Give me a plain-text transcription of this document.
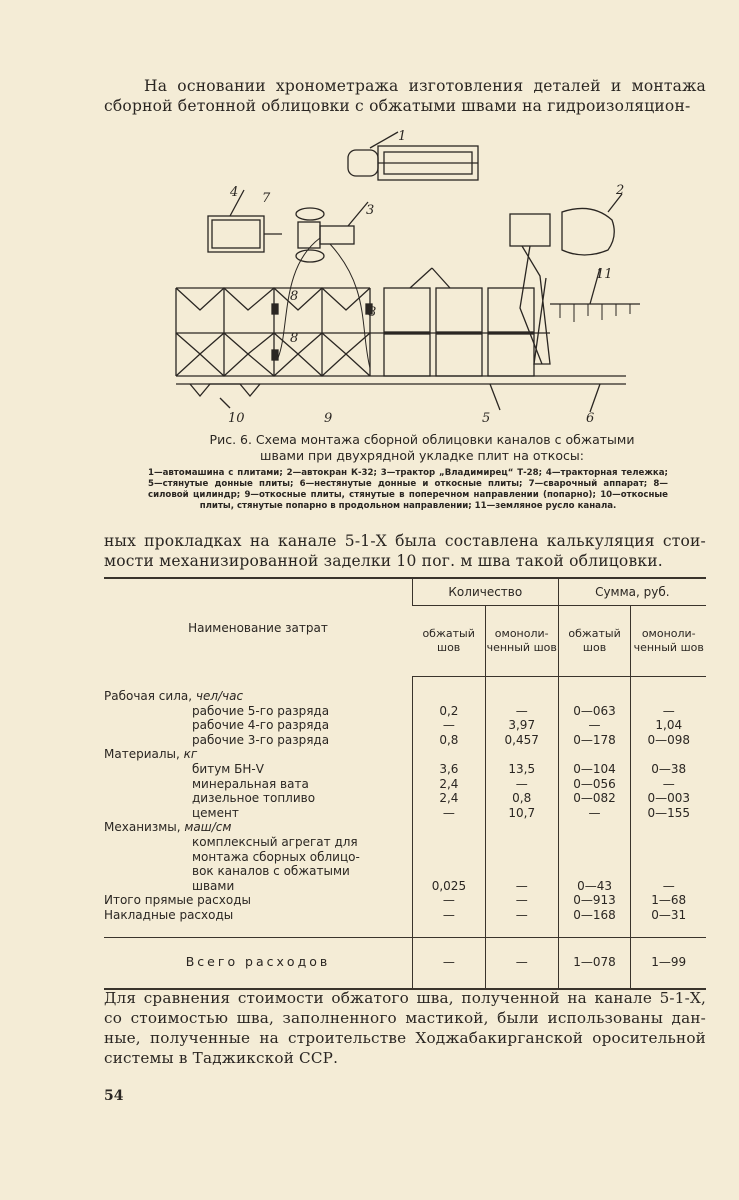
На основании хронометража изготовления деталей и монтажа
сборной бетонной облицовки с обжатыми швами на гидроизоляцион-
1
2
3
4 7
8
8
8
11
10	9	5	6
Рис. 6. Схема монтажа сборной облицовки каналов с обжатыми
швами при двухрядной укладке плит на откосы:
1—автомашина с плитами; 2—автокран К-32; 3—трактор „Владимирец“ Т-28; 4—тракторная тележка; 5—стянутые донные плиты; 6—нестянутые донные и откосные плиты; 7—сварочный аппарат; 8—силовой цилиндр; 9—откосные плиты, стянутые в поперечном направлении (попарно); 10—откосные плиты, стянутые попарно в продольном направлении; 11—земляное русло канала.
ных прокладках на канале 5-1-Х была составлена калькуляция стои-
мости механизированной заделки 10 пог. м шва такой облицовки.
Наименование затрат	Количество		Сумма, руб.	
	обжатый шов	омоноли-ченный шов	обжатый шов	омоноли-ченный шов

Рабочая сила, чел/час				
рабочие 5-го разряда	0,2	—	0—063	—
рабочие 4-го разряда	—	3,97	—	1,04
рабочие 3-го разряда	0,8	0,457	0—178	0—098
Материалы, кг				
битум БН-V	3,6	13,5	0—104	0—38
минеральная вата	2,4	—	0—056	—
дизельное топливо	2,4	0,8	0—082	0—003
цемент	—	10,7	—	0—155
Механизмы, маш/см				
комплексный агрегат для				
монтажа сборных облицо-				
вок каналов с обжатыми				
швами	0,025	—	0—43	—
Итого прямые расходы	—	—	0—913	1—68
Накладные расходы	—	—	0—168	0—31

Всего расходов	—	—	1—078	1—99
Для сравнения стоимости обжатого шва, полученной на канале 5-1-Х,
со стоимостью шва, заполненного мастикой, были использованы дан-
ные, полученные на строительстве Ходжабакирганской оросительной
системы в Таджикской ССР.
54
